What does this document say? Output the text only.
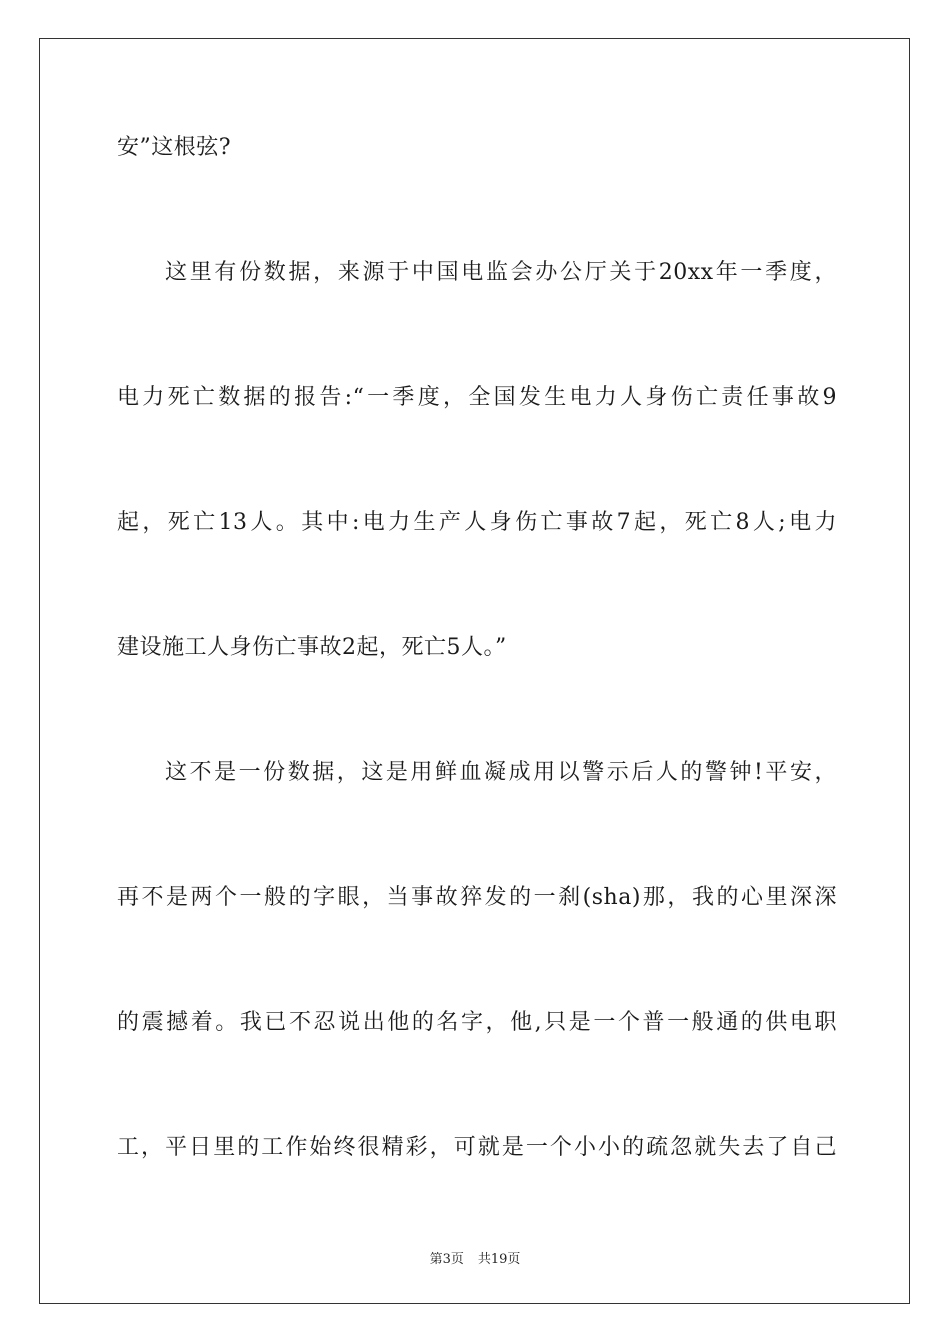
安”这根弦?
这里有份数据，来源于中国电监会办公厅关于20xx年一季度，
电力死亡数据的报告:“一季度，全国发生电力人身伤亡责任事故9
起，死亡13人。其中:电力生产人身伤亡事故7起，死亡8人;电力
建设施工人身伤亡事故2起，死亡5人。”
这不是一份数据，这是用鲜血凝成用以警示后人的警钟!平安，
再不是两个一般的字眼，当事故猝发的一刹(sha)那，我的心里深深
的震撼着。我已不忍说出他的名字，他,只是一个普一般通的供电职
工，平日里的工作始终很精彩，可就是一个小小的疏忽就失去了自己
第3页 共19页
